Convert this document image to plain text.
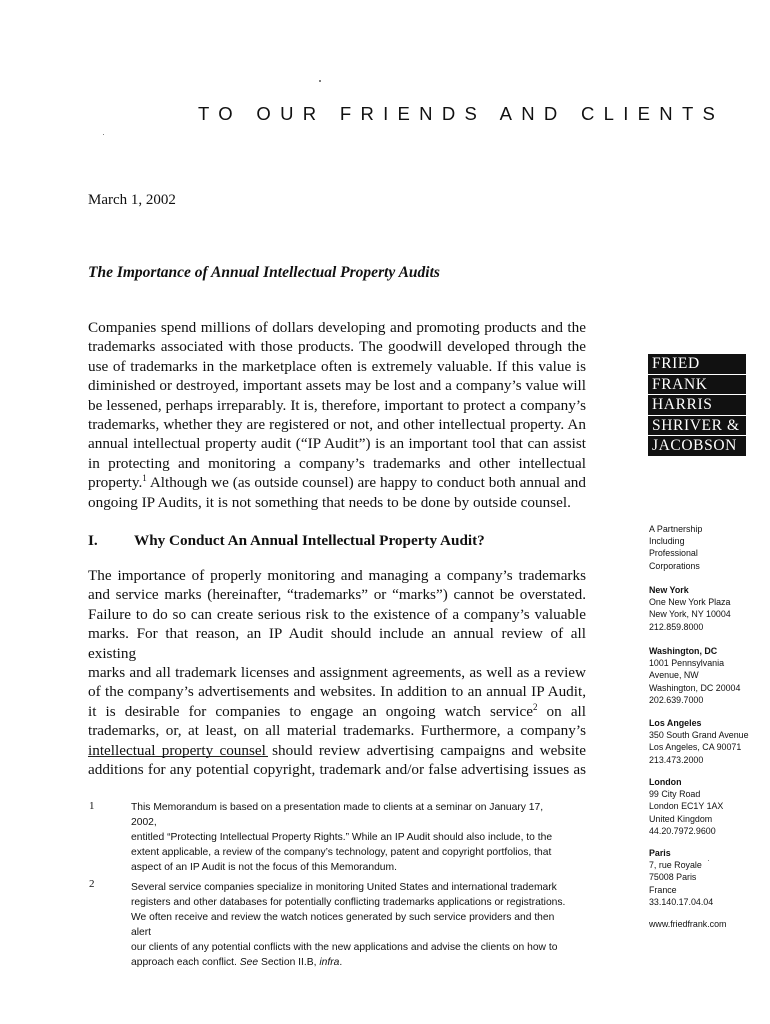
TO OUR FRIENDS AND CLIENTS
March 1, 2002
The Importance of Annual Intellectual Property Audits
Companies spend millions of dollars developing and promoting products and the
trademarks associated with those products. The goodwill developed through the
use of trademarks in the marketplace often is extremely valuable. If this value is
diminished or destroyed, important assets may be lost and a company’s value will
be lessened, perhaps irreparably. It is, therefore, important to protect a company’s
trademarks, whether they are registered or not, and other intellectual property. An
annual intellectual property audit (“IP Audit”) is an important tool that can assist
in protecting and monitoring a company’s trademarks and other intellectual
property.$^1$ Although we (as outside counsel) are happy to conduct both annual and
ongoing IP Audits, it is not something that needs to be done by outside counsel.
I. Why Conduct An Annual Intellectual Property Audit?
The importance of properly monitoring and managing a company’s trademarks
and service marks (hereinafter, “trademarks” or “marks”) cannot be overstated.
Failure to do so can create serious risk to the existence of a company’s valuable
marks. For that reason, an IP Audit should include an annual review of all existing
marks and all trademark licenses and assignment agreements, as well as a review
of the company’s advertisements and websites. In addition to an annual IP Audit,
it is desirable for companies to engage an ongoing watch service$^2$ on all
trademarks, or, at least, on all material trademarks. Furthermore, a company’s
intellectual property counsel should review advertising campaigns and website
additions for any potential copyright, trademark and/or false advertising issues as
1	This Memorandum is based on a presentation made to clients at a seminar on January 17, 2002,
entitled “Protecting Intellectual Property Rights.” While an IP Audit should also include, to the
extent applicable, a review of the company’s technology, patent and copyright portfolios, that
aspect of an IP Audit is not the focus of this Memorandum.
2	Several service companies specialize in monitoring United States and international trademark
registers and other databases for potentially conflicting trademarks applications or registrations.
We often receive and review the watch notices generated by such service providers and then alert
our clients of any potential conflicts with the new applications and advise the clients on how to
approach each conflict. See Section II.B, infra.
FRIED
FRANK
HARRIS
SHRIVER &
JACOBSON
A Partnership
Including
Professional
Corporations
New York
One New York Plaza
New York, NY 10004
212.859.8000
Washington, DC
1001 Pennsylvania
Avenue, NW
Washington, DC 20004
202.639.7000
Los Angeles
350 South Grand Avenue
Los Angeles, CA 90071
213.473.2000
London
99 City Road
London EC1Y 1AX
United Kingdom
44.20.7972.9600
Paris
7, rue Royale
75008 Paris
France
33.140.17.04.04
www.friedfrank.com
